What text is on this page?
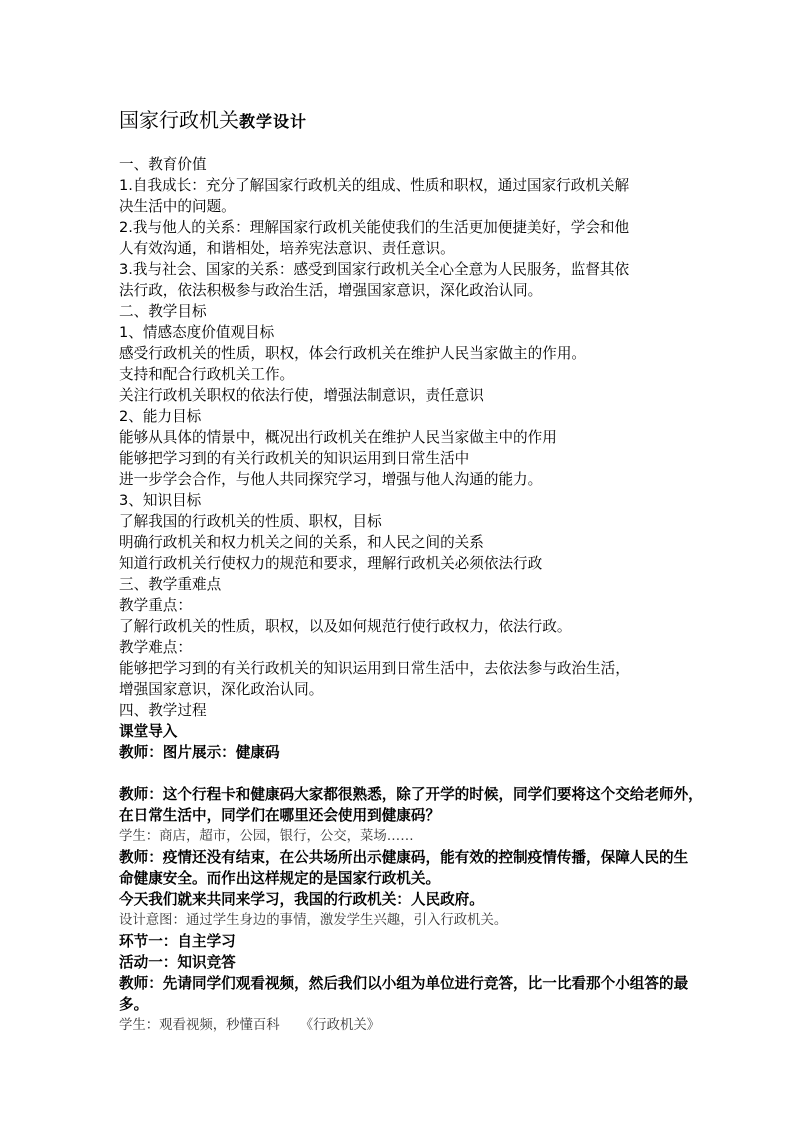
国家行政机关教学设计
一、教育价值
1.自我成长：充分了解国家行政机关的组成、性质和职权，通过国家行政机关解
决生活中的问题。
2.我与他人的关系：理解国家行政机关能使我们的生活更加便捷美好，学会和他
人有效沟通，和谐相处，培养宪法意识、责任意识。
3.我与社会、国家的关系：感受到国家行政机关全心全意为人民服务，监督其依
法行政，依法积极参与政治生活，增强国家意识，深化政治认同。
二、教学目标
1、情感态度价值观目标
感受行政机关的性质，职权，体会行政机关在维护人民当家做主的作用。
支持和配合行政机关工作。
关注行政机关职权的依法行使，增强法制意识，责任意识
2、能力目标
能够从具体的情景中，概况出行政机关在维护人民当家做主中的作用
能够把学习到的有关行政机关的知识运用到日常生活中
进一步学会合作，与他人共同探究学习，增强与他人沟通的能力。
3、知识目标
了解我国的行政机关的性质、职权，目标
明确行政机关和权力机关之间的关系，和人民之间的关系
知道行政机关行使权力的规范和要求，理解行政机关必须依法行政
三、教学重难点
教学重点：
了解行政机关的性质，职权，以及如何规范行使行政权力，依法行政。
教学难点：
能够把学习到的有关行政机关的知识运用到日常生活中，去依法参与政治生活，
增强国家意识，深化政治认同。
四、教学过程
课堂导入
教师：图片展示：健康码
教师：这个行程卡和健康码大家都很熟悉，除了开学的时候，同学们要将这个交给老师外，
在日常生活中，同学们在哪里还会使用到健康码？
学生：商店，超市，公园，银行，公交，菜场……
教师：疫情还没有结束，在公共场所出示健康码，能有效的控制疫情传播，保障人民的生
命健康安全。而作出这样规定的是国家行政机关。
今天我们就来共同来学习，我国的行政机关：人民政府。
设计意图：通过学生身边的事情，激发学生兴趣，引入行政机关。
环节一：自主学习
活动一：知识竞答
教师：先请同学们观看视频，然后我们以小组为单位进行竞答，比一比看那个小组答的最
多。
学生：观看视频，秒懂百科　　《行政机关》
